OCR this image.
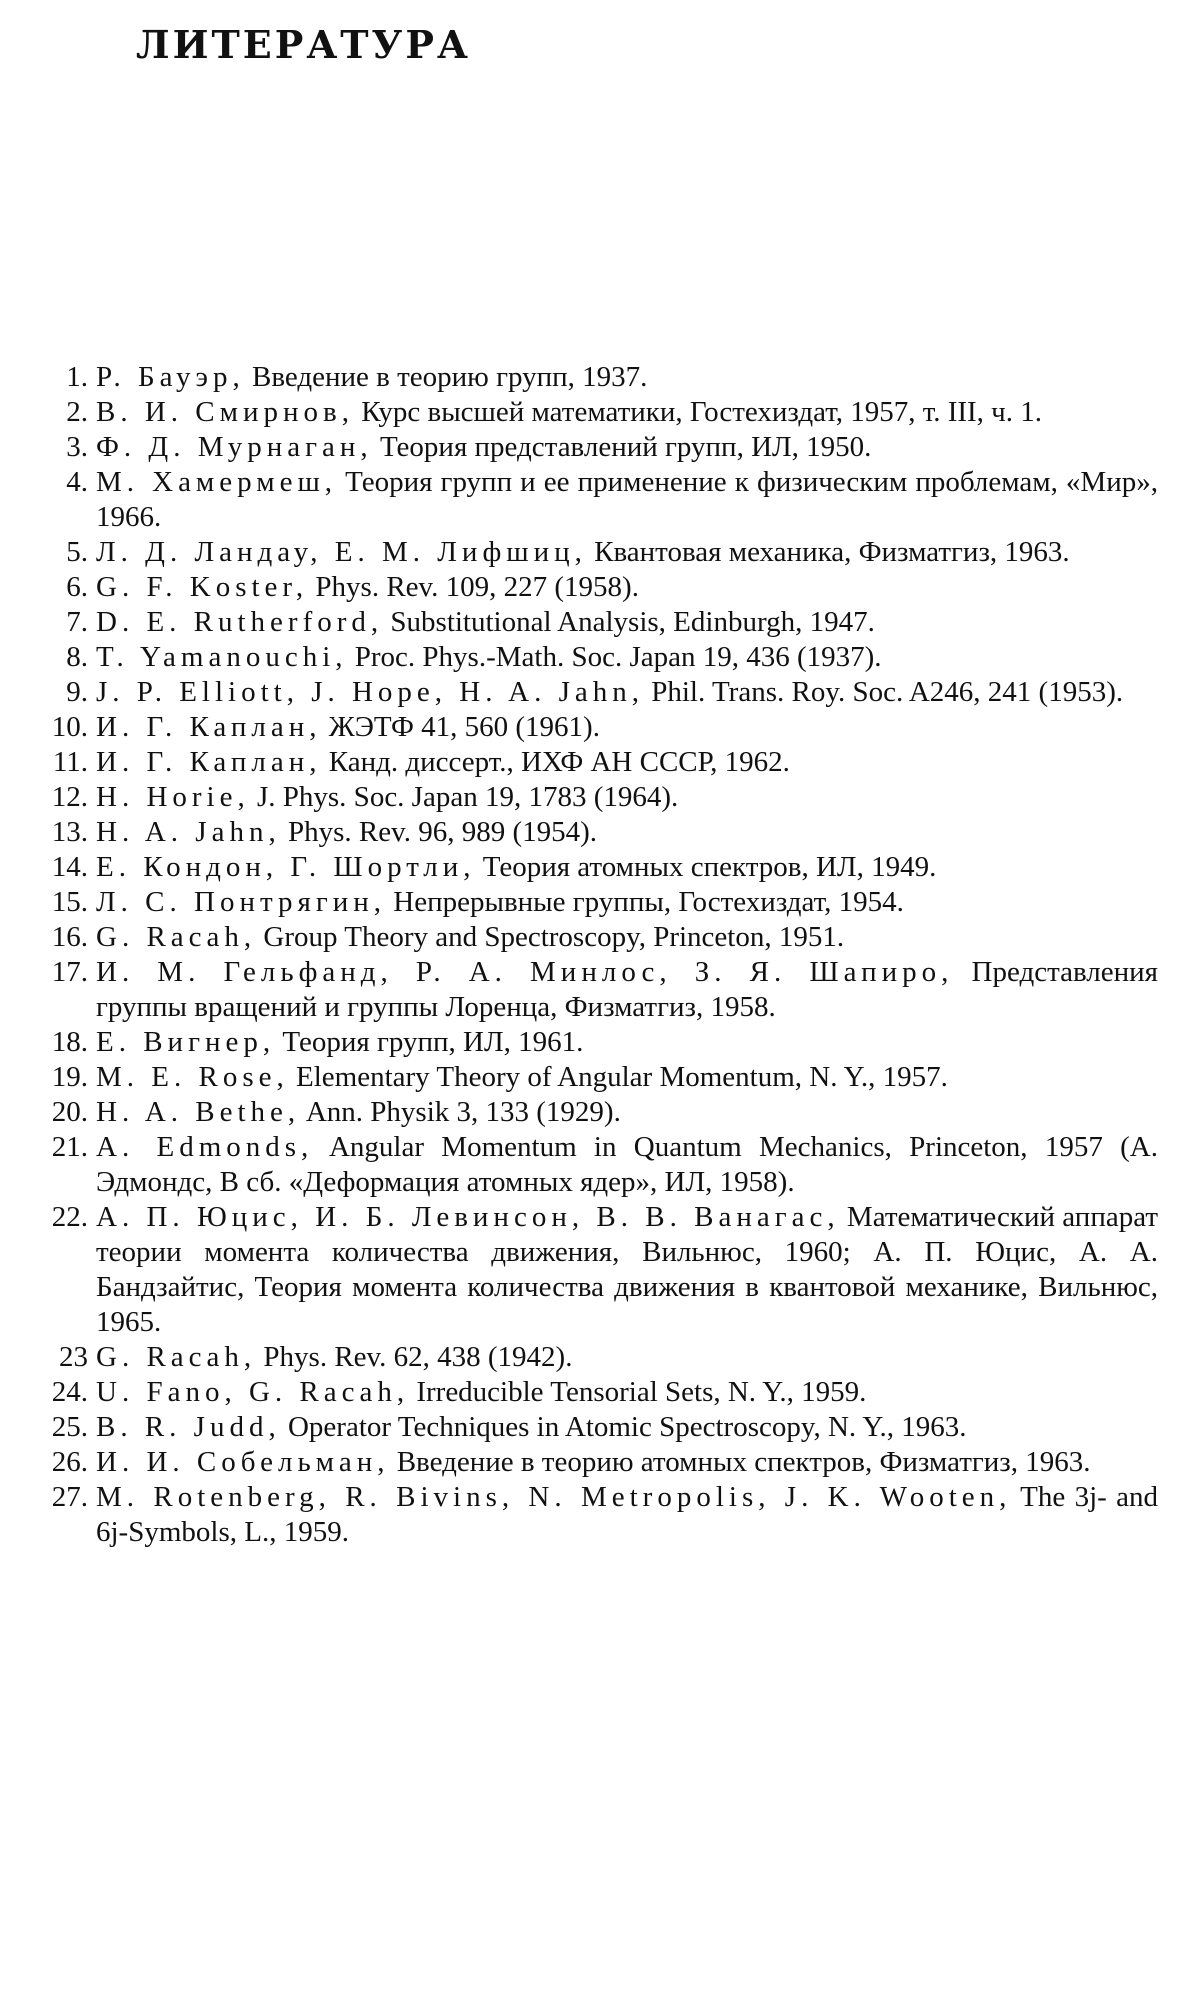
ЛИТЕРАТУРА
1. Р. Бауэр, Введение в теорию групп, 1937.
2. В. И. Смирнов, Курс высшей математики, Гостехиздат, 1957, т. III, ч. 1.
3. Ф. Д. Мурнаган, Теория представлений групп, ИЛ, 1950.
4. М. Хамермеш, Теория групп и ее применение к физическим проблемам, «Мир», 1966.
5. Л. Д. Ландау, Е. М. Лифшиц, Квантовая механика, Физматгиз, 1963.
6. G. F. Koster, Phys. Rev. 109, 227 (1958).
7. D. E. Rutherford, Substitutional Analysis, Edinburgh, 1947.
8. T. Yamanouchi, Proc. Phys.-Math. Soc. Japan 19, 436 (1937).
9. J. P. Elliott, J. Hope, H. A. Jahn, Phil. Trans. Roy. Soc. A246, 241 (1953).
10. И. Г. Каплан, ЖЭТФ 41, 560 (1961).
11. И. Г. Каплан, Канд. диссерт., ИХФ АН СССР, 1962.
12. H. Horie, J. Phys. Soc. Japan 19, 1783 (1964).
13. H. A. Jahn, Phys. Rev. 96, 989 (1954).
14. Е. Кондон, Г. Шортли, Теория атомных спектров, ИЛ, 1949.
15. Л. С. Понтрягин, Непрерывные группы, Гостехиздат, 1954.
16. G. Racah, Group Theory and Spectroscopy, Princeton, 1951.
17. И. М. Гельфанд, Р. А. Минлос, З. Я. Шапиро, Представления группы вращений и группы Лоренца, Физматгиз, 1958.
18. Е. Вигнер, Теория групп, ИЛ, 1961.
19. M. E. Rose, Elementary Theory of Angular Momentum, N. Y., 1957.
20. H. A. Bethe, Ann. Physik 3, 133 (1929).
21. A. Edmonds, Angular Momentum in Quantum Mechanics, Princeton, 1957 (А. Эдмондс, В сб. «Деформация атомных ядер», ИЛ, 1958).
22. А. П. Юцис, И. Б. Левинсон, В. В. Ванагас, Математический аппарат теории момента количества движения, Вильнюс, 1960; А. П. Юцис, А. А. Бандзайтис, Теория момента количества движения в квантовой механике, Вильнюс, 1965.
23 G. Racah, Phys. Rev. 62, 438 (1942).
24. U. Fano, G. Racah, Irreducible Tensorial Sets, N. Y., 1959.
25. B. R. Judd, Operator Techniques in Atomic Spectroscopy, N. Y., 1963.
26. И. И. Собельман, Введение в теорию атомных спектров, Физматгиз, 1963.
27. M. Rotenberg, R. Bivins, N. Metropolis, J. K. Wooten, The 3j- and 6j-Symbols, L., 1959.
